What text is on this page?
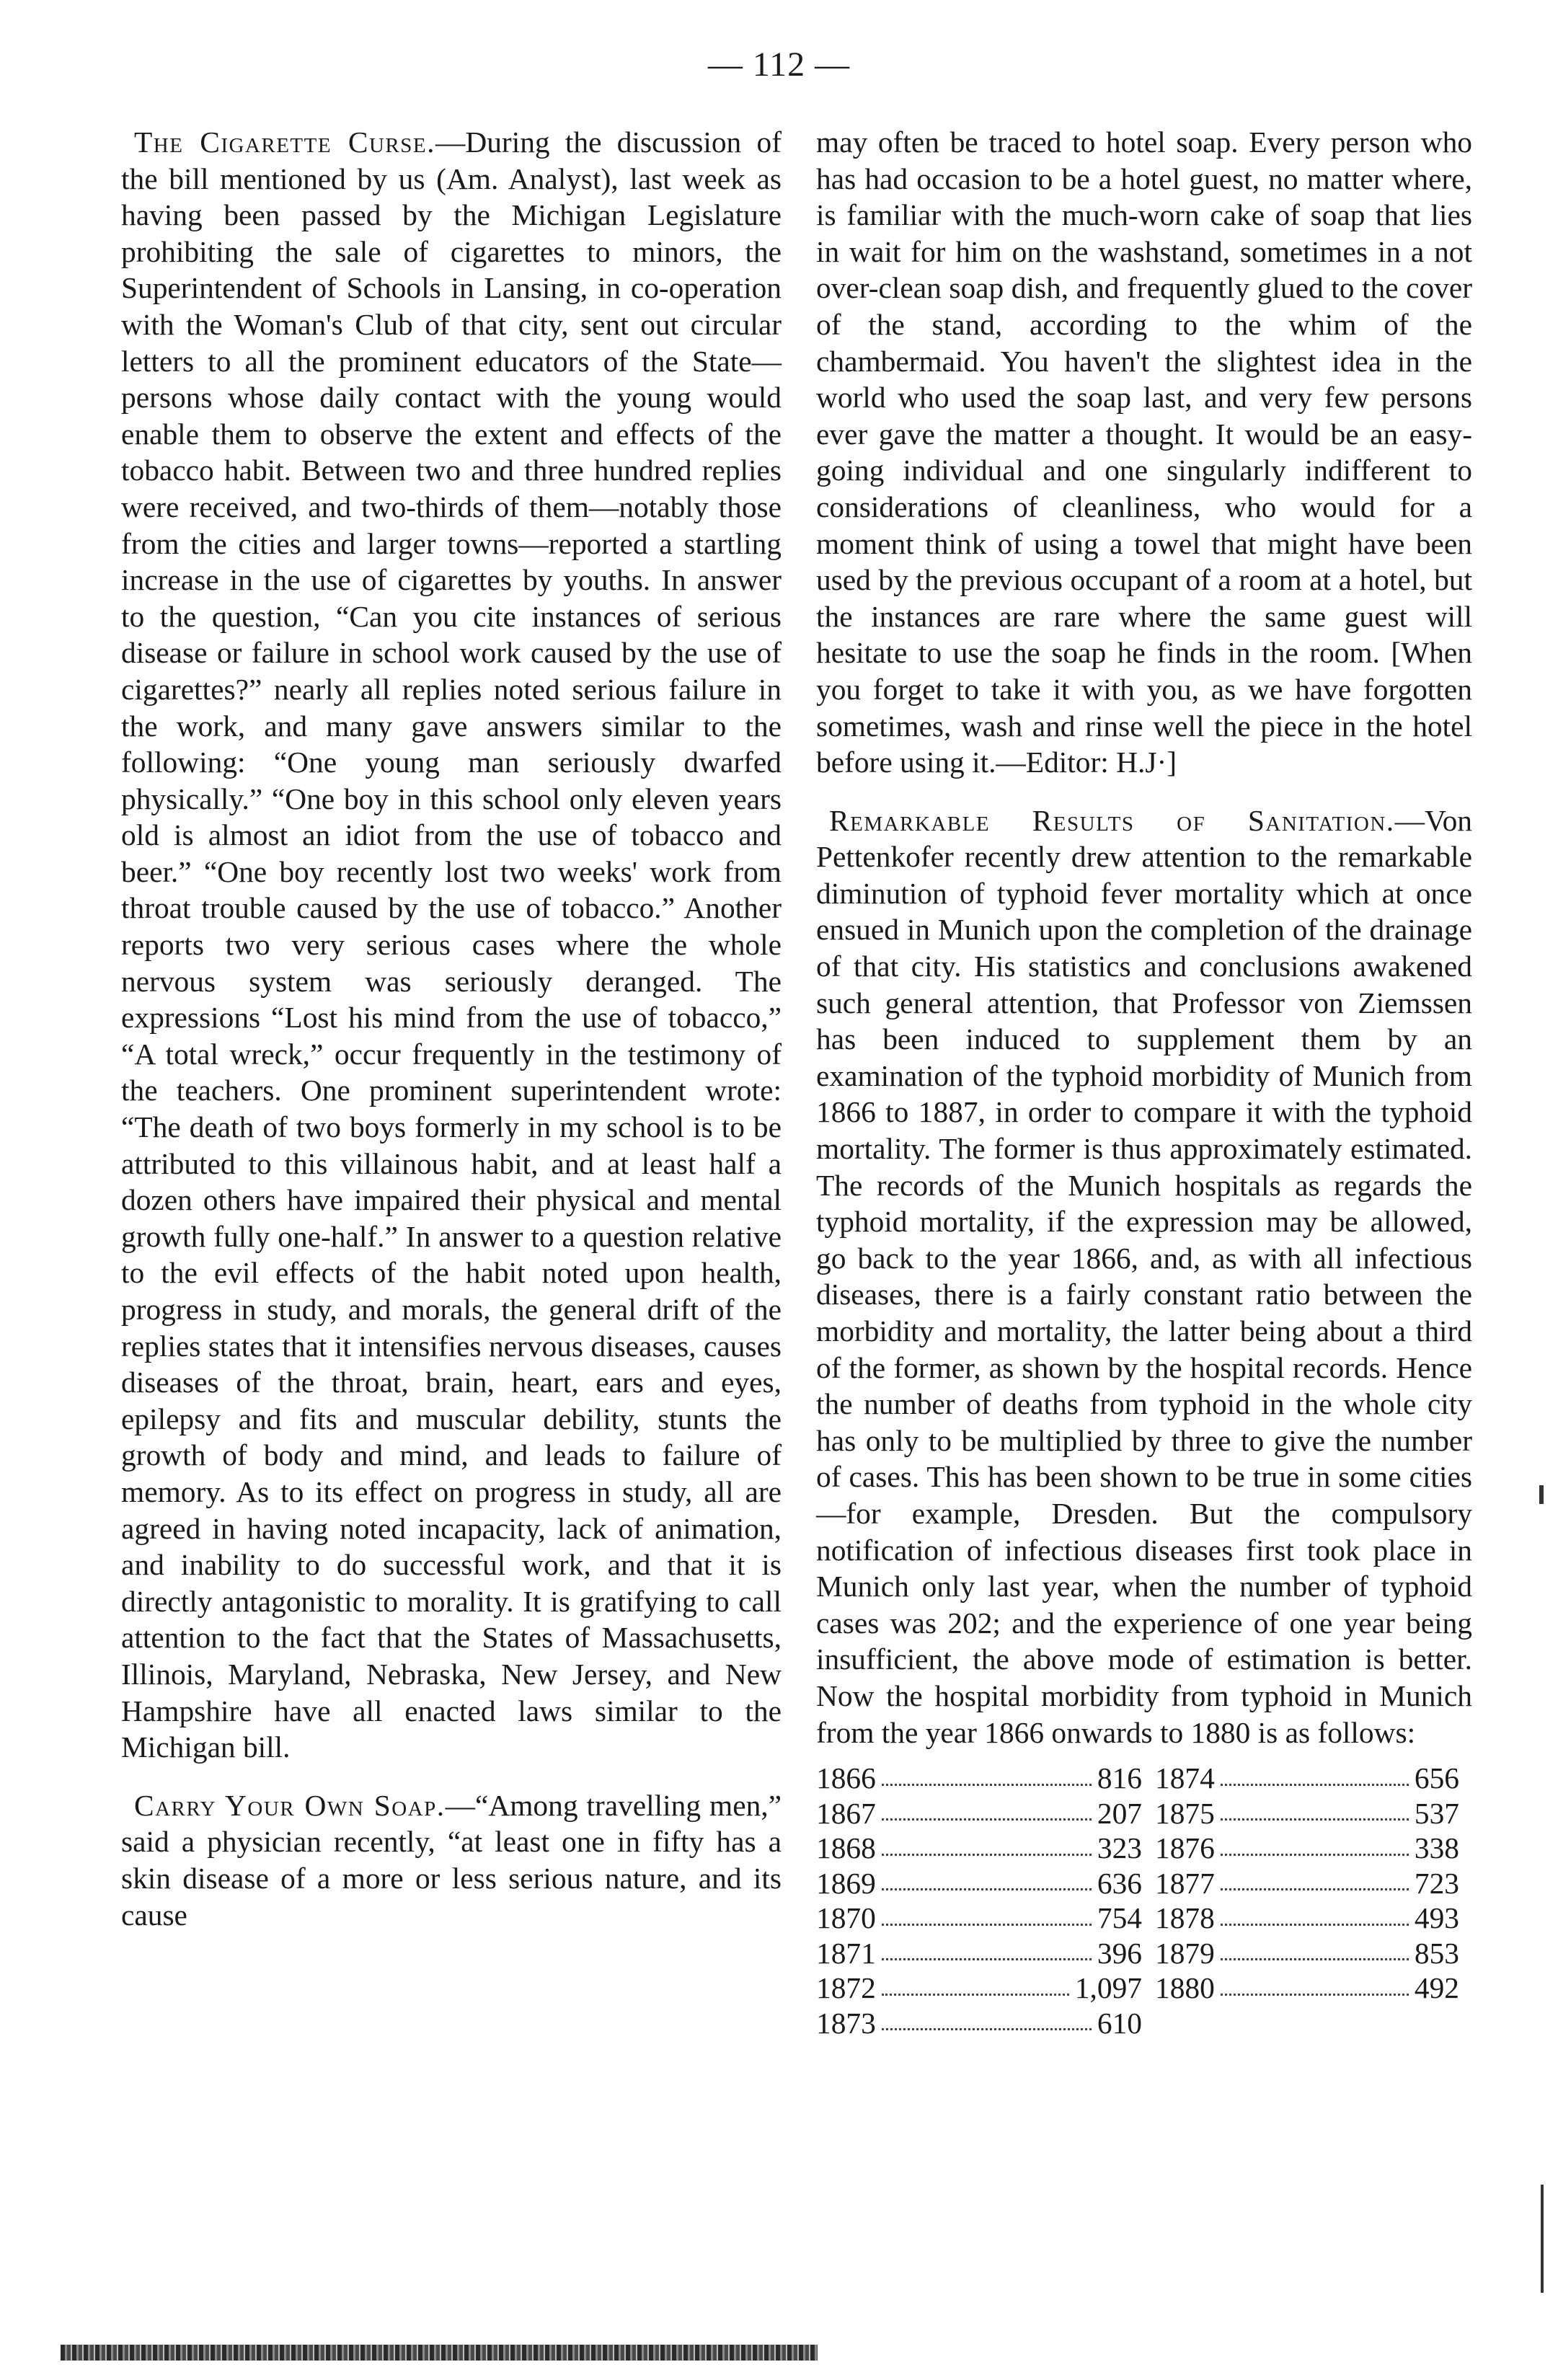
— 112 —

The Cigarette Curse.—During the discussion of the bill mentioned by us (Am. Analyst), last week as having been passed by the Michigan Legislature prohibiting the sale of cigarettes to minors, the Superintendent of Schools in Lansing, in co-operation with the Woman's Club of that city, sent out circular letters to all the prominent educators of the State—persons whose daily contact with the young would enable them to observe the extent and effects of the tobacco habit. Between two and three hundred replies were received, and two-thirds of them—notably those from the cities and larger towns—reported a startling increase in the use of cigarettes by youths. In answer to the question, “Can you cite instances of serious disease or failure in school work caused by the use of cigarettes?” nearly all replies noted serious failure in the work, and many gave answers similar to the following: “One young man seriously dwarfed physically.” “One boy in this school only eleven years old is almost an idiot from the use of tobacco and beer.” “One boy recently lost two weeks' work from throat trouble caused by the use of tobacco.” Another reports two very serious cases where the whole nervous system was seriously deranged. The expressions “Lost his mind from the use of tobacco,” “A total wreck,” occur frequently in the testimony of the teachers. One prominent superintendent wrote: “The death of two boys formerly in my school is to be attributed to this villainous habit, and at least half a dozen others have impaired their physical and mental growth fully one-half.” In answer to a question relative to the evil effects of the habit noted upon health, progress in study, and morals, the general drift of the replies states that it intensifies nervous diseases, causes diseases of the throat, brain, heart, ears and eyes, epilepsy and fits and muscular debility, stunts the growth of body and mind, and leads to failure of memory. As to its effect on progress in study, all are agreed in having noted incapacity, lack of animation, and inability to do successful work, and that it is directly antagonistic to morality. It is gratifying to call attention to the fact that the States of Massachusetts, Illinois, Maryland, Nebraska, New Jersey, and New Hampshire have all enacted laws similar to the Michigan bill.

Carry Your Own Soap.—“Among travelling men,” said a physician recently, “at least one in fifty has a skin disease of a more or less serious nature, and its cause

may often be traced to hotel soap. Every person who has had occasion to be a hotel guest, no matter where, is familiar with the much-worn cake of soap that lies in wait for him on the washstand, sometimes in a not over-clean soap dish, and frequently glued to the cover of the stand, according to the whim of the chambermaid. You haven't the slightest idea in the world who used the soap last, and very few persons ever gave the matter a thought. It would be an easy-going individual and one singularly indifferent to considerations of cleanliness, who would for a moment think of using a towel that might have been used by the previous occupant of a room at a hotel, but the instances are rare where the same guest will hesitate to use the soap he finds in the room. [When you forget to take it with you, as we have forgotten sometimes, wash and rinse well the piece in the hotel before using it.—Editor: H.J·]

Remarkable Results of Sanitation.—Von Pettenkofer recently drew attention to the remarkable diminution of typhoid fever mortality which at once ensued in Munich upon the completion of the drainage of that city. His statistics and conclusions awakened such general attention, that Professor von Ziemssen has been induced to supplement them by an examination of the typhoid morbidity of Munich from 1866 to 1887, in order to compare it with the typhoid mortality. The former is thus approximately estimated. The records of the Munich hospitals as regards the typhoid mortality, if the expression may be allowed, go back to the year 1866, and, as with all infectious diseases, there is a fairly constant ratio between the morbidity and mortality, the latter being about a third of the former, as shown by the hospital records. Hence the number of deaths from typhoid in the whole city has only to be multiplied by three to give the number of cases. This has been shown to be true in some cities—for example, Dresden. But the compulsory notification of infectious diseases first took place in Munich only last year, when the number of typhoid cases was 202; and the experience of one year being insufficient, the above mode of estimation is better. Now the hospital morbidity from typhoid in Munich from the year 1866 onwards to 1880 is as follows:

1866	816
1867	207
1868	323
1869	636
1870	754
1871	396
1872	1,097
1873	610
1874	656
1875	537
1876	338
1877	723
1878	493
1879	853
1880	492
